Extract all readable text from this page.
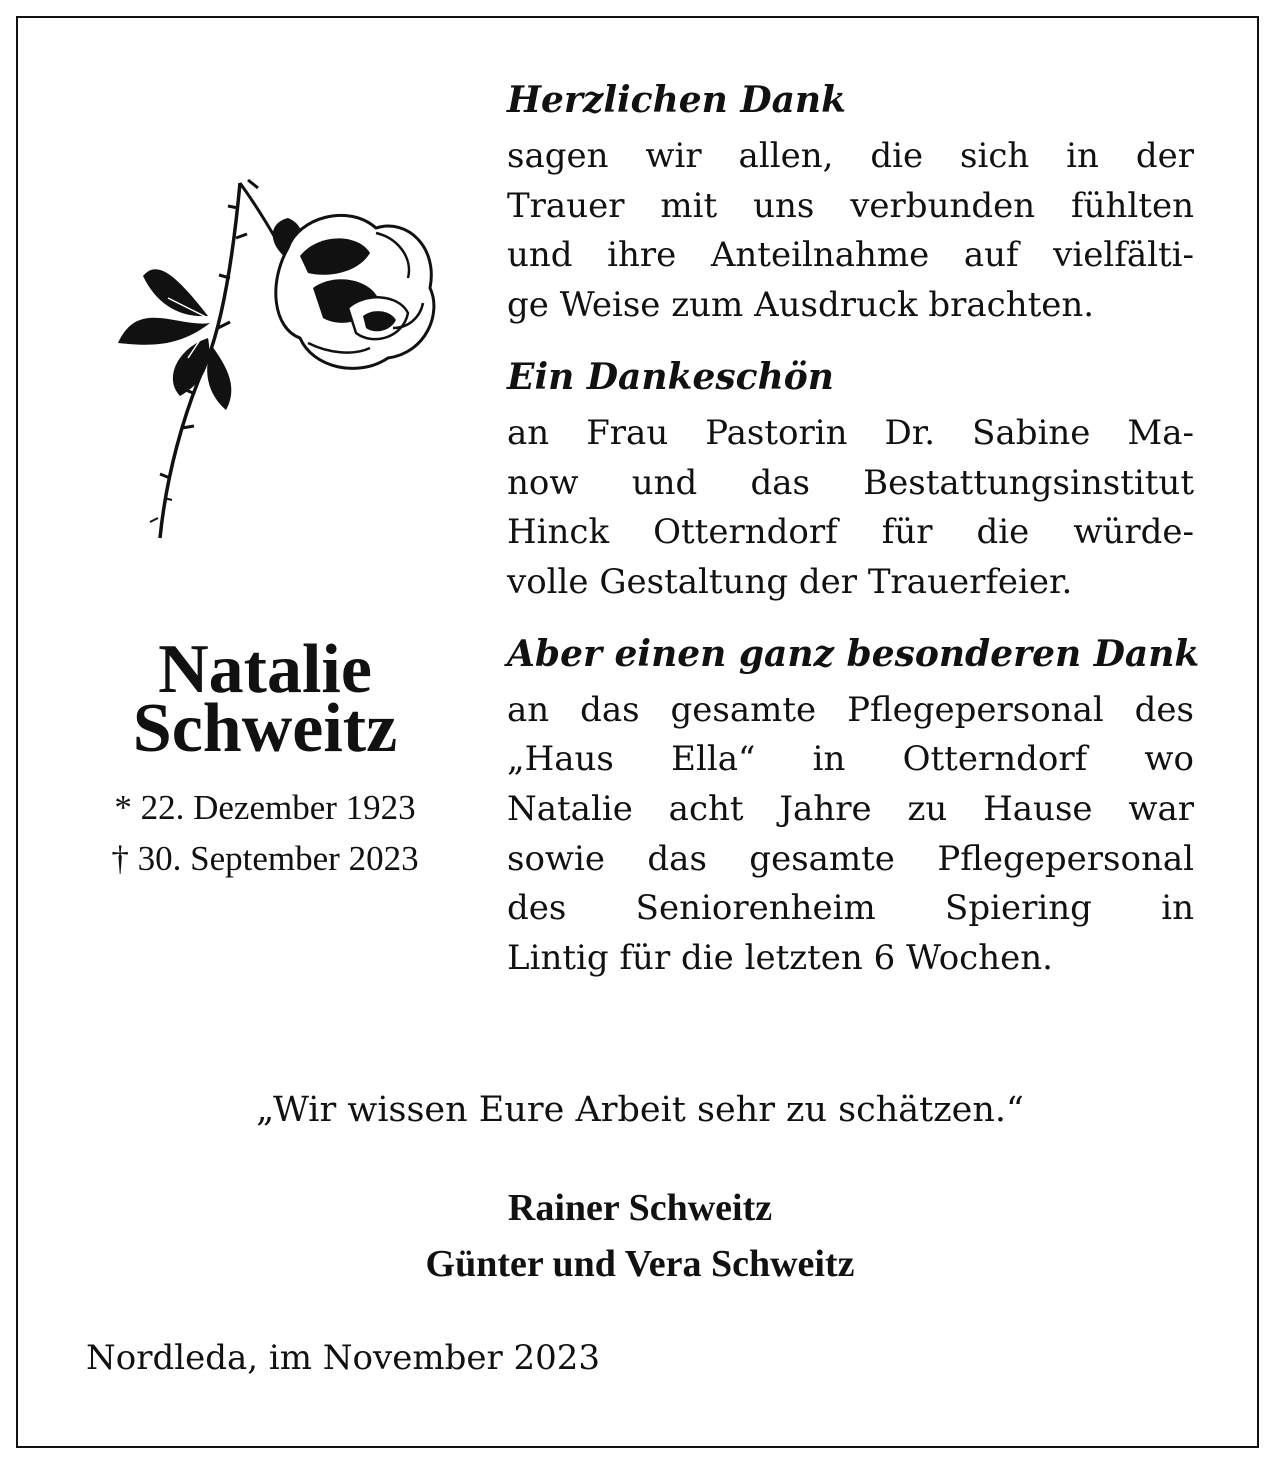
Natalie
Schweitz
* 22. Dezember 1923
† 30. September 2023
Herzlichen Dank
sagen wir allen, die sich in der
Trauer mit uns verbunden fühlten
und ihre Anteilnahme auf vielfälti-
ge Weise zum Ausdruck brachten.
Ein Dankeschön
an Frau Pastorin Dr. Sabine Ma-
now und das Bestattungsinstitut
Hinck Otterndorf für die würde-
volle Gestaltung der Trauerfeier.
Aber einen ganz besonderen Dank
an das gesamte Pflegepersonal des
„Haus Ella“ in Otterndorf wo
Natalie acht Jahre zu Hause war
sowie das gesamte Pflegepersonal
des Seniorenheim Spiering in
Lintig für die letzten 6 Wochen.
„Wir wissen Eure Arbeit sehr zu schätzen.“
Rainer Schweitz
Günter und Vera Schweitz
Nordleda, im November 2023
